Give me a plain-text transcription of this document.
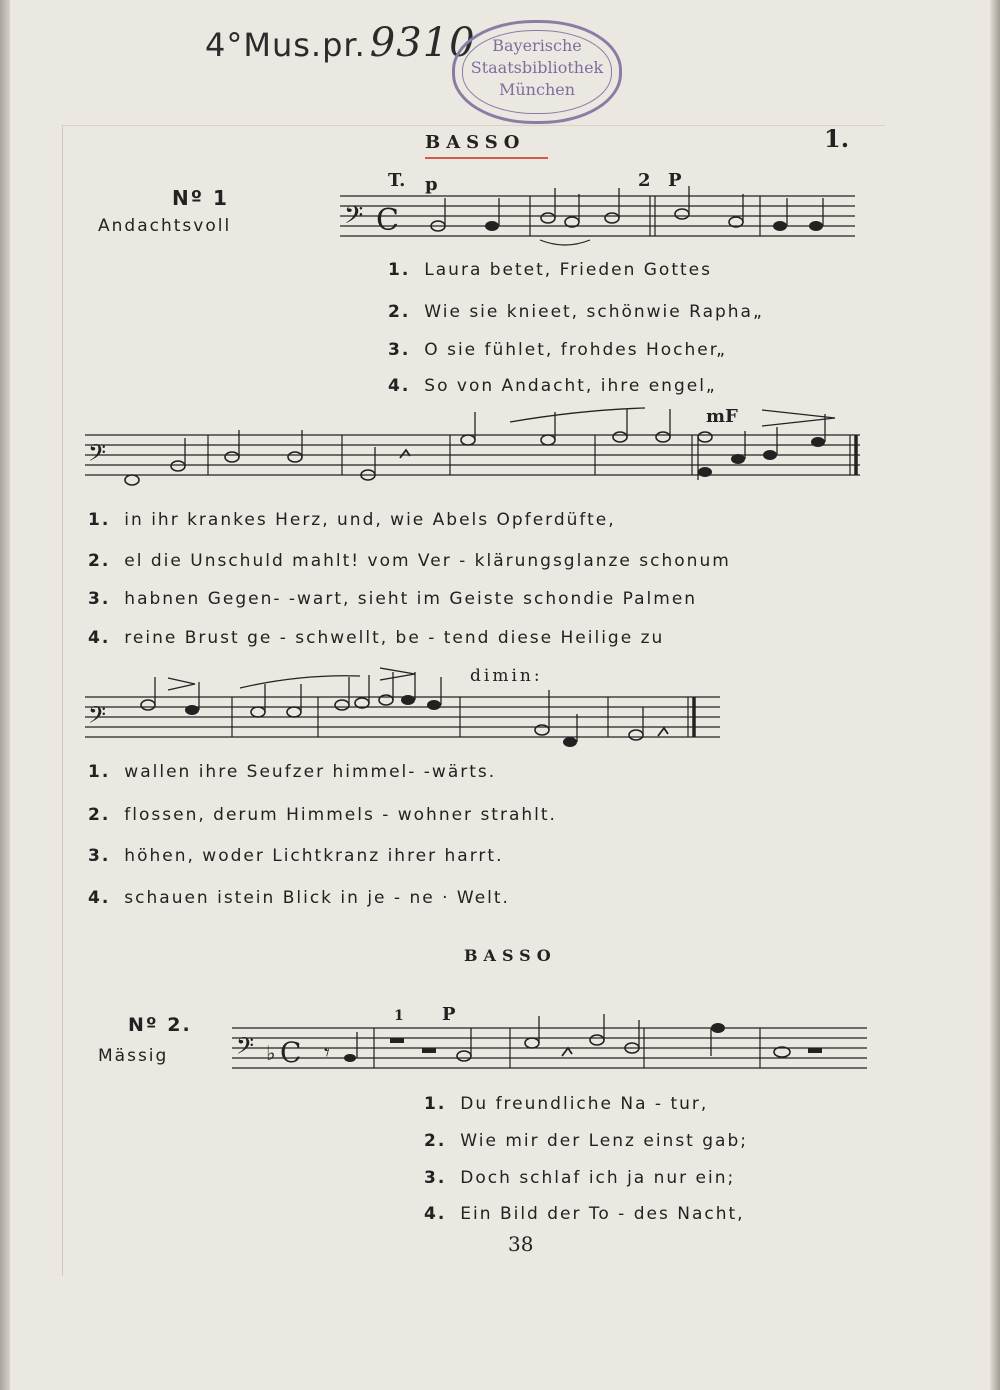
4°Mus.pr. 9310	Bayerische
Staatsbibliothek
München
BASSO	1.
Nº 1
Andachtsvoll
T. p	2 P
𝄢 C
1. Laura betet, Frieden Gottes
2. Wie sie knieet, schönwie Rapha„
3. O sie fühlet, frohdes Hocher„
4. So von Andacht, ihre engel„
mF
𝄢
1. in ihr krankes Herz, und, wie Abels Opferdüfte,
2. el die Unschuld mahlt! vom Ver - klärungsglanze schonum
3. habnen Gegen- -wart, sieht im Geiste schondie Palmen
4. reine Brust ge - schwellt, be - tend diese Heilige zu
dimin:
𝄢
1. wallen ihre Seufzer himmel- -wärts.
2. flossen, derum Himmels - wohner strahlt.
3. höhen, woder Lichtkranz ihrer harrt.
4. schauen istein Blick in je - ne · Welt.
BASSO
Nº 2.
Mässig
1 P
𝄢 ♭ C 𝄾
1. Du freundliche Na - tur,
2. Wie mir der Lenz einst gab;
3. Doch schlaf ich ja nur ein;
4. Ein Bild der To - des Nacht,
38
